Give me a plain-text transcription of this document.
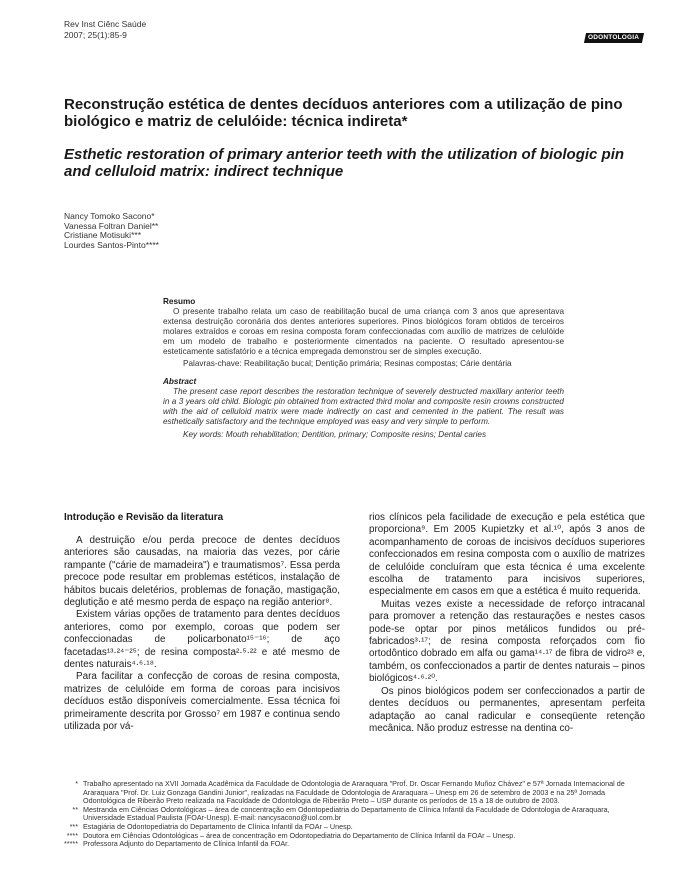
Rev Inst Ciênc Saúde
2007; 25(1):85-9	ODONTOLOGIA
Reconstrução estética de dentes decíduos anteriores com a utilização de pino biológico e matriz de celulóide: técnica indireta*
Esthetic restoration of primary anterior teeth with the utilization of biologic pin and celluloid matrix: indirect technique
Nancy Tomoko Sacono*
Vanessa Foltran Daniel**
Cristiane Motisuki***
Lourdes Santos-Pinto****
Resumo

O presente trabalho relata um caso de reabilitação bucal de uma criança com 3 anos que apresentava extensa destruição coronária dos dentes anteriores superiores. Pinos biológicos foram obtidos de terceiros molares extraídos e coroas em resina composta foram confeccionadas com auxílio de matrizes de celulóide em um modelo de trabalho e posteriormente cimentados na paciente. O resultado apresentou-se esteticamente satisfatório e a técnica empregada demonstrou ser de simples execução.

Palavras-chave: Reabilitação bucal; Dentição primária; Resinas compostas; Cárie dentária

Abstract

The present case report describes the restoration technique of severely destructed maxillary anterior teeth in a 3 years old child. Biologic pin obtained from extracted third molar and composite resin crowns constructed with the aid of celluloid matrix were made indirectly on cast and cemented in the patient. The result was esthetically satisfactory and the technique employed was easy and very simple to perform.

Key words: Mouth rehabilitation; Dentition, primary; Composite resins; Dental caries

Introdução e Revisão da literatura

A destruição e/ou perda precoce de dentes decíduos anteriores são causadas, na maioria das vezes, por cárie rampante ("cárie de mamadeira") e traumatismos⁷. Essa perda precoce pode resultar em problemas estéticos, instalação de hábitos bucais deletérios, problemas de fonação, mastigação, deglutição e até mesmo perda de espaço na região anterior⁸.

Existem várias opções de tratamento para dentes decíduos anteriores, como por exemplo, coroas que podem ser confeccionadas de policarbonato¹⁵⁻¹⁶; de aço facetadas¹³·²⁴⁻²⁵; de resina composta²·⁵·²² e até mesmo de dentes naturais⁴·⁶·¹⁸.

Para facilitar a confecção de coroas de resina composta, matrizes de celulóide em forma de coroas para incisivos decíduos estão disponíveis comercialmente. Essa técnica foi primeiramente descrita por Grosso⁷ em 1987 e continua sendo utilizada por vá-

rios clínicos pela facilidade de execução e pela estética que proporciona⁹. Em 2005 Kupietzky et al.¹⁰, após 3 anos de acompanhamento de coroas de incisivos decíduos superiores confeccionados em resina composta com o auxílio de matrizes de celulóide concluíram que esta técnica é uma excelente escolha de tratamento para incisivos superiores, especialmente em casos em que a estética é muito requerida.

Muitas vezes existe a necessidade de reforço intracanal para promover a retenção das restaurações e nestes casos pode-se optar por pinos metálicos fundidos ou pré-fabricados³·¹⁷; de resina composta reforçados com fio ortodôntico dobrado em alfa ou gama¹⁴·¹⁷ de fibra de vidro²³ e, também, os confeccionados a partir de dentes naturais – pinos biológicos⁴·⁶·²⁰.

Os pinos biológicos podem ser confeccionados a partir de dentes decíduos ou permanentes, apresentam perfeita adaptação ao canal radicular e conseqüente retenção mecânica. Não produz estresse na dentina co-

* Trabalho apresentado na XVII Jornada Acadêmica da Faculdade de Odontologia de Araraquara "Prof. Dr. Oscar Fernando Muñoz Chávez" e 57ª Jornada Internacional de Araraquara "Prof. Dr. Luiz Gonzaga Gandini Junior", realizadas na Faculdade de Odontologia de Araraquara – Unesp em 26 de setembro de 2003 e na 25ª Jornada Odontológica de Ribeirão Preto realizada na Faculdade de Odontologia de Ribeirão Preto – USP durante os períodos de 15 a 18 de outubro de 2003.
** Mestranda em Ciências Odontológicas – área de concentração em Odontopediatria do Departamento de Clínica Infantil da Faculdade de Odontologia de Araraquara, Universidade Estadual Paulista (FOAr-Unesp). E-mail: nancysacono@uol.com.br
*** Estagiária de Odontopediatria do Departamento de Clínica Infantil da FOAr – Unesp.
**** Doutora em Ciências Odontológicas – área de concentração em Odontopediatria do Departamento de Clínica Infantil da FOAr – Unesp.
***** Professora Adjunto do Departamento de Clínica Infantil da FOAr.
